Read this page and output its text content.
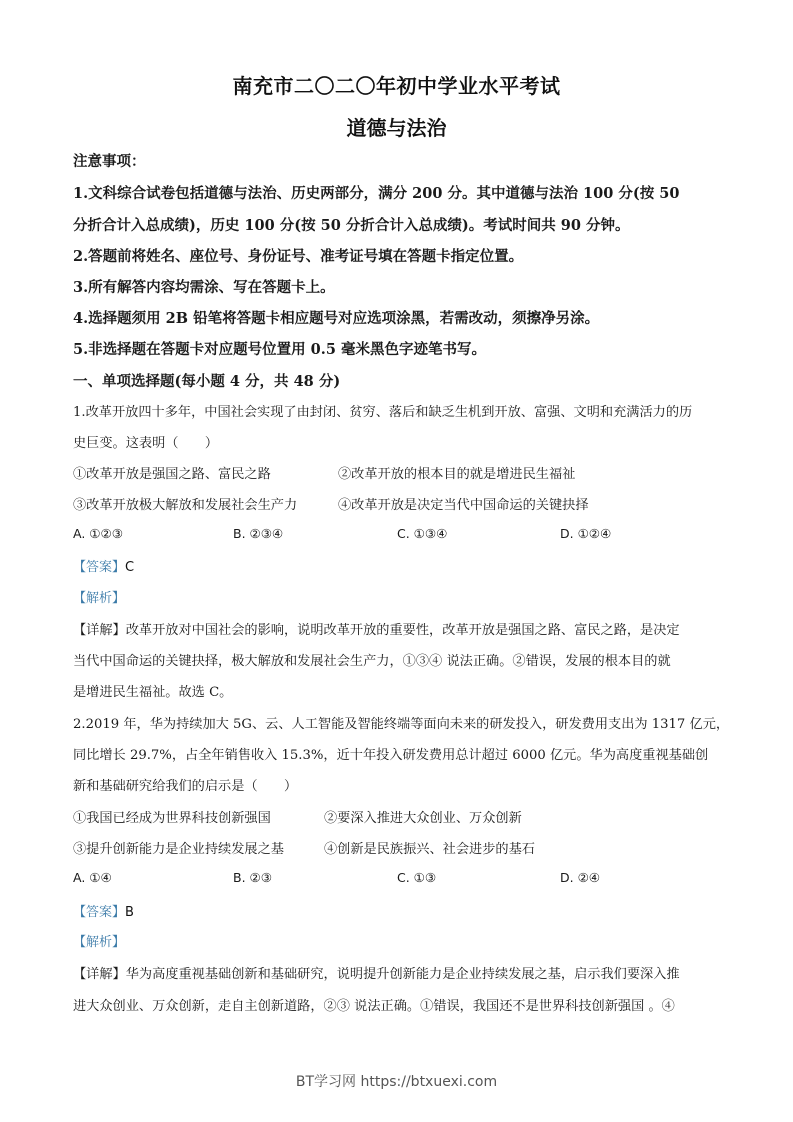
南充市二〇二〇年初中学业水平考试
道德与法治
注意事项：
1.文科综合试卷包括道德与法治、历史两部分，满分 200 分。其中道德与法治 100 分(按 50
分折合计入总成绩)，历史 100 分(按 50 分折合计入总成绩)。考试时间共 90 分钟。
2.答题前将姓名、座位号、身份证号、准考证号填在答题卡指定位置。
3.所有解答内容均需涂、写在答题卡上。
4.选择题须用 2B 铅笔将答题卡相应题号对应选项涂黑，若需改动，须擦净另涂。
5.非选择题在答题卡对应题号位置用 0.5 毫米黑色字迹笔书写。
一、单项选择题(每小题 4 分，共 48 分)
1.改革开放四十多年，中国社会实现了由封闭、贫穷、落后和缺乏生机到开放、富强、文明和充满活力的历
史巨变。这表明（　　）
①改革开放是强国之路、富民之路	②改革开放的根本目的就是增进民生福祉
③改革开放极大解放和发展社会生产力	④改革开放是决定当代中国命运的关键抉择
A. ①②③	B. ②③④	C. ①③④	D. ①②④
【答案】C
【解析】
【详解】改革开放对中国社会的影响，说明改革开放的重要性，改革开放是强国之路、富民之路，是决定
当代中国命运的关键抉择，极大解放和发展社会生产力，①③④ 说法正确。②错误，发展的根本目的就
是增进民生福祉。故选 C。
2.2019 年，华为持续加大 5G、云、人工智能及智能终端等面向未来的研发投入，研发费用支出为 1317 亿元，
同比增长 29.7%，占全年销售收入 15.3%，近十年投入研发费用总计超过 6000 亿元。华为高度重视基础创
新和基础研究给我们的启示是（　　）
①我国已经成为世界科技创新强国	②要深入推进大众创业、万众创新
③提升创新能力是企业持续发展之基	④创新是民族振兴、社会进步的基石
A. ①④	B. ②③	C. ①③	D. ②④
【答案】B
【解析】
【详解】华为高度重视基础创新和基础研究，说明提升创新能力是企业持续发展之基，启示我们要深入推
进大众创业、万众创新，走自主创新道路，②③ 说法正确。①错误，我国还不是世界科技创新强国 。④
BT学习网 https://btxuexi.com
